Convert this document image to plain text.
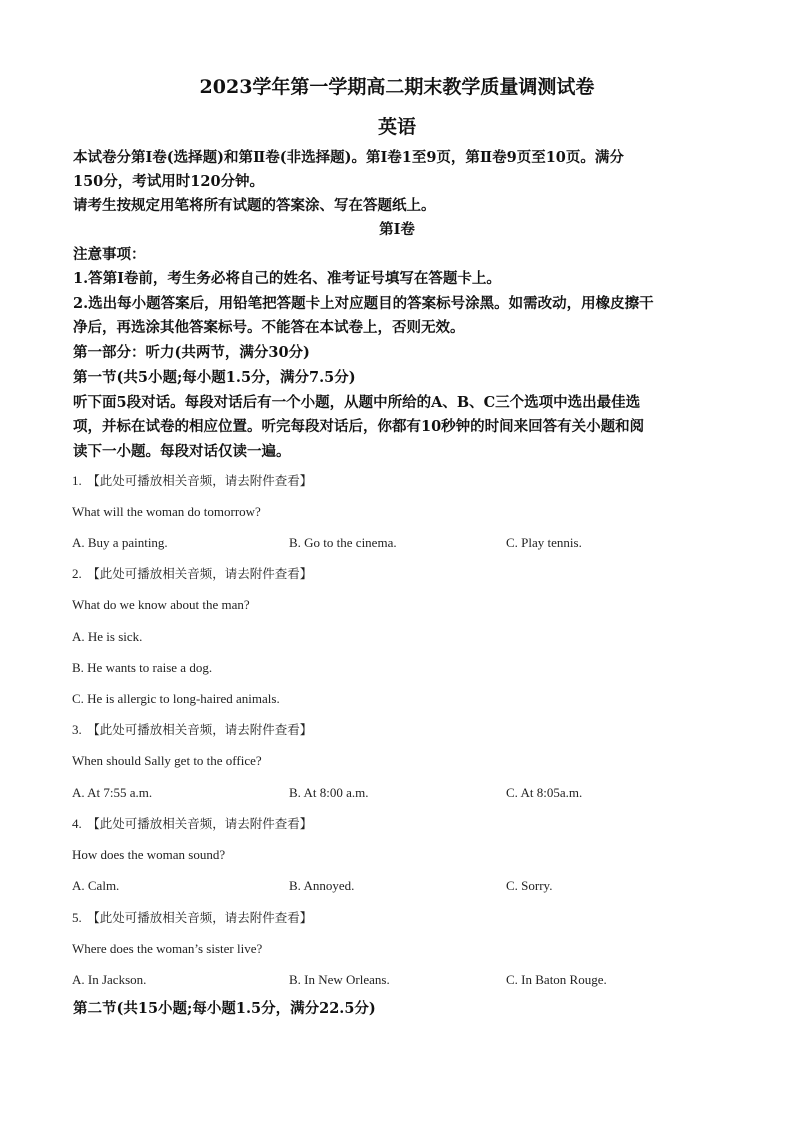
2023学年第一学期高二期末教学质量调测试卷
英语

本试卷分第Ⅰ卷(选择题)和第Ⅱ卷(非选择题)。第Ⅰ卷1至9页，第Ⅱ卷9页至10页。满分

150分，考试用时120分钟。

请考生按规定用笔将所有试题的答案涂、写在答题纸上。

第Ⅰ卷

注意事项：

1.答第Ⅰ卷前，考生务必将自己的姓名、准考证号填写在答题卡上。

2.选出每小题答案后，用铅笔把答题卡上对应题目的答案标号涂黑。如需改动，用橡皮擦干

净后，再选涂其他答案标号。不能答在本试卷上，否则无效。

第一部分：听力(共两节，满分30分)

第一节(共5小题;每小题1.5分，满分7.5分)

听下面5段对话。每段对话后有一个小题，从题中所给的A、B、C三个选项中选出最佳选

项，并标在试卷的相应位置。听完每段对话后，你都有10秒钟的时间来回答有关小题和阅

读下一小题。每段对话仅读一遍。

1. 【此处可播放相关音频，请去附件查看】

What will the woman do tomorrow?

A. Buy a painting.	B. Go to the cinema.	C. Play tennis.

2. 【此处可播放相关音频，请去附件查看】

What do we know about the man?

A. He is sick.
B. He wants to raise a dog.
C. He is allergic to long-haired animals.

3. 【此处可播放相关音频，请去附件查看】

When should Sally get to the office?

A. At 7:55 a.m.	B. At 8:00 a.m.	C. At 8:05a.m.

4. 【此处可播放相关音频，请去附件查看】

How does the woman sound?

A. Calm.	B. Annoyed.	C. Sorry.

5. 【此处可播放相关音频，请去附件查看】

Where does the woman’s sister live?

A. In Jackson.	B. In New Orleans.	C. In Baton Rouge.

第二节(共15小题;每小题1.5分，满分22.5分)
